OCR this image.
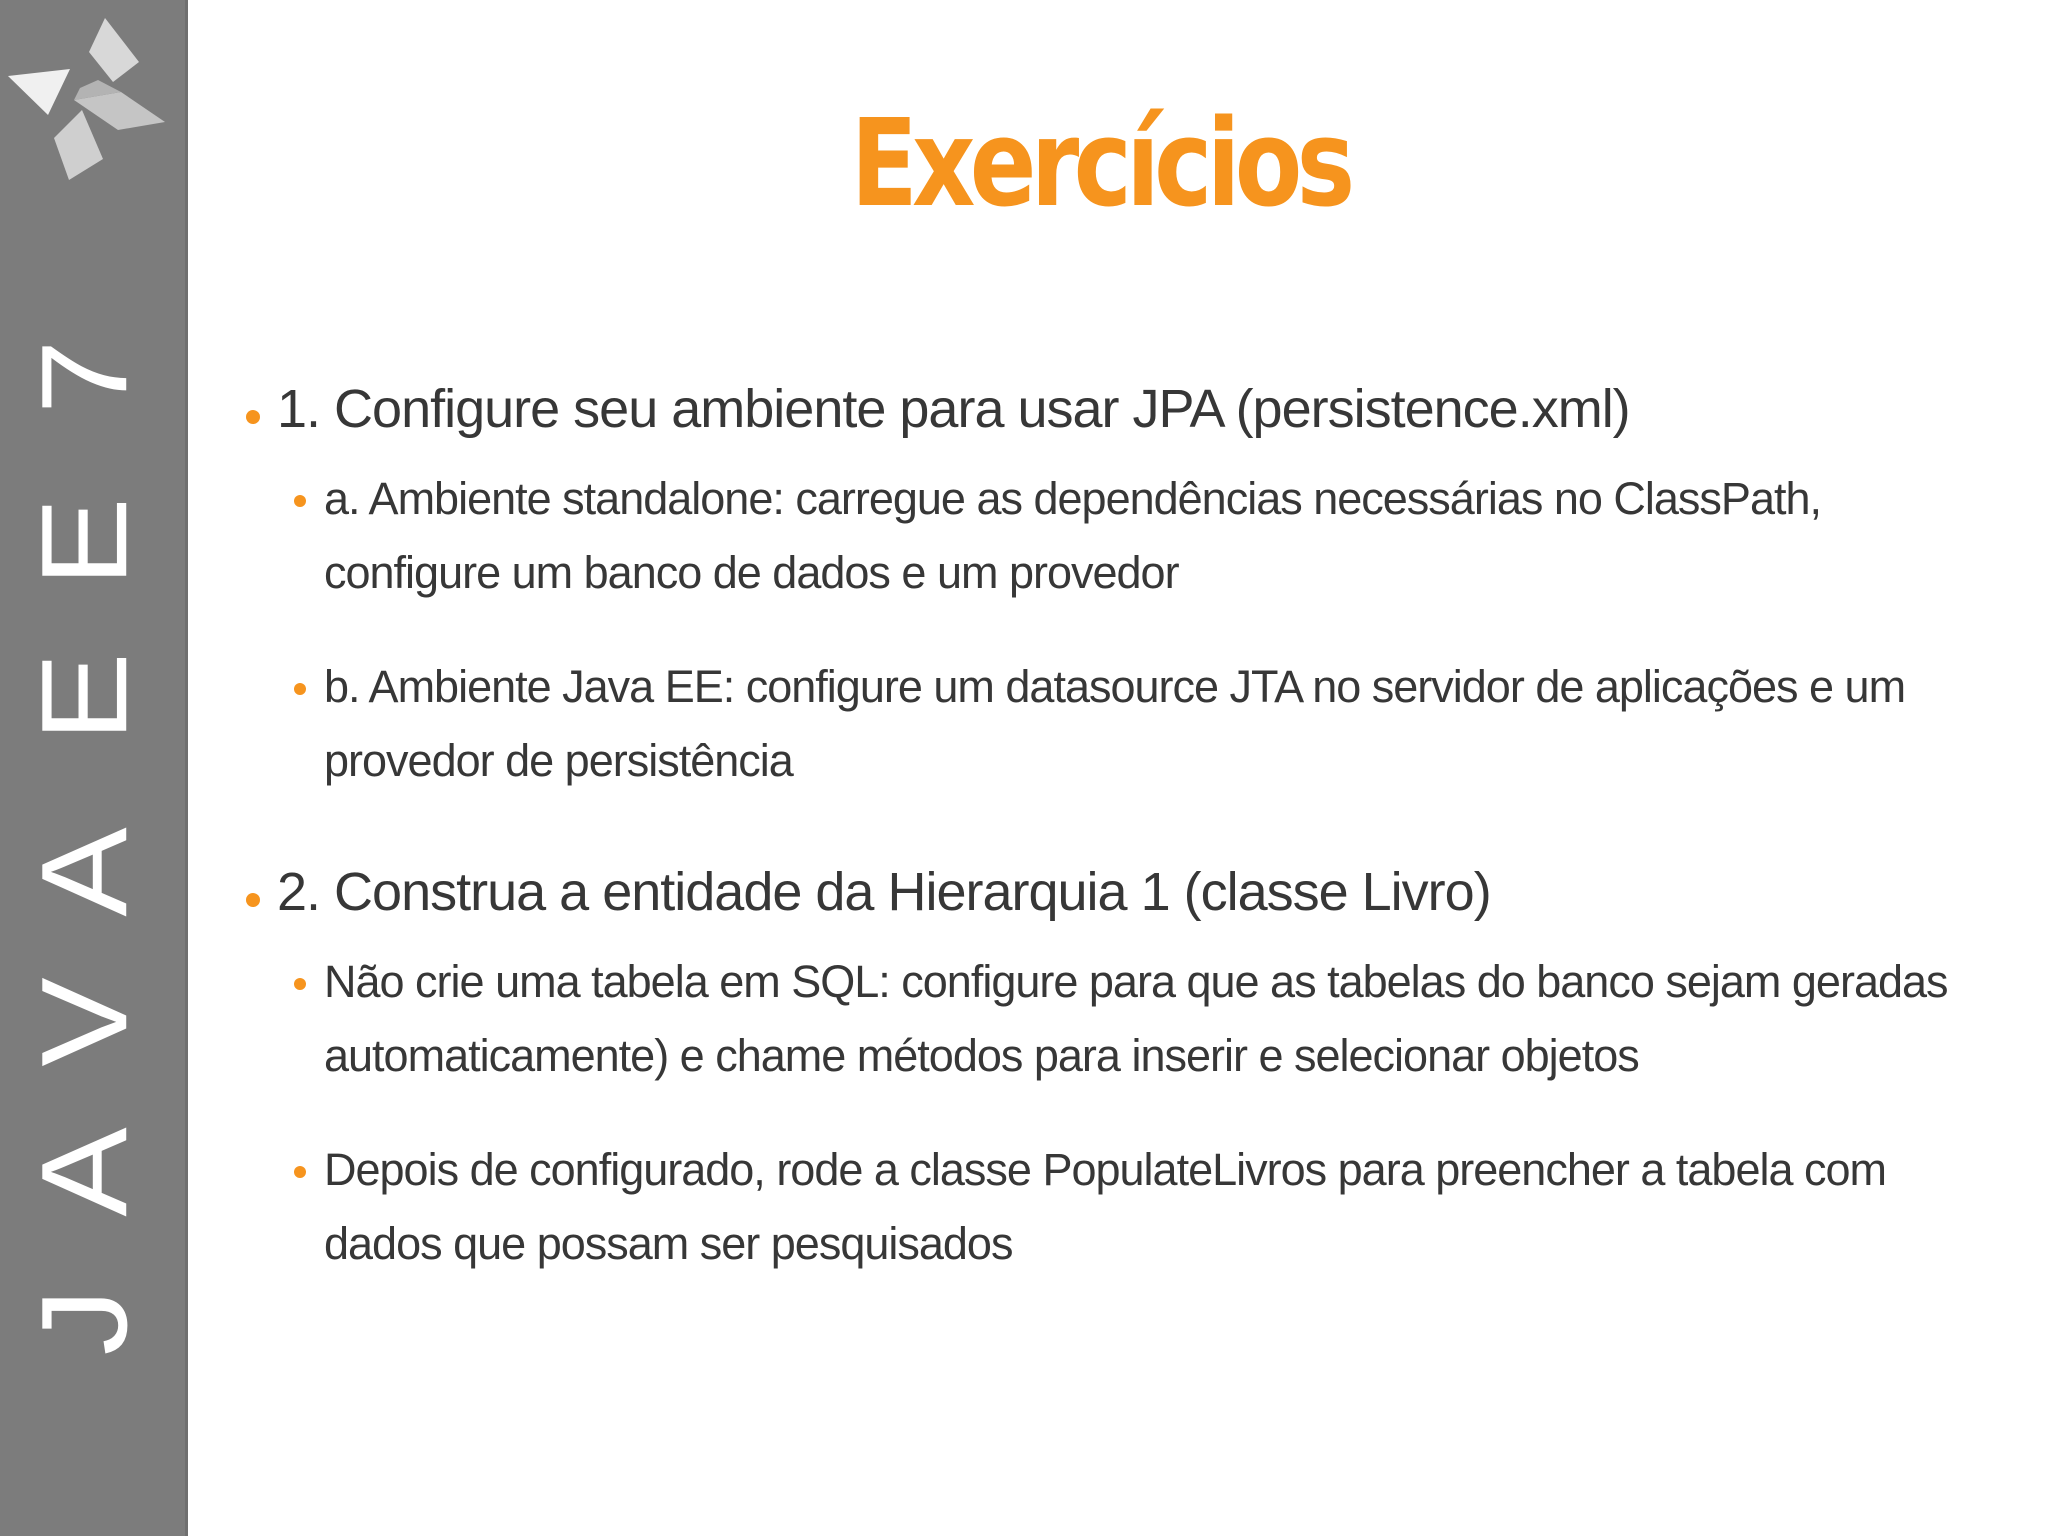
J
A
V
A
E
E
7
Exercícios
1. Configure seu ambiente para usar JPA (persistence.xml)
a. Ambiente standalone: carregue as dependências necessárias no ClassPath, configure um banco de dados e um provedor
b. Ambiente Java EE: configure um datasource JTA no servidor de aplicações e um provedor de persistência
2. Construa a entidade da Hierarquia 1 (classe Livro)
Não crie uma tabela em SQL: configure para que as tabelas do banco sejam geradas automaticamente) e chame métodos para inserir e selecionar objetos
Depois de configurado, rode a classe PopulateLivros para preencher a tabela com dados que possam ser pesquisados
